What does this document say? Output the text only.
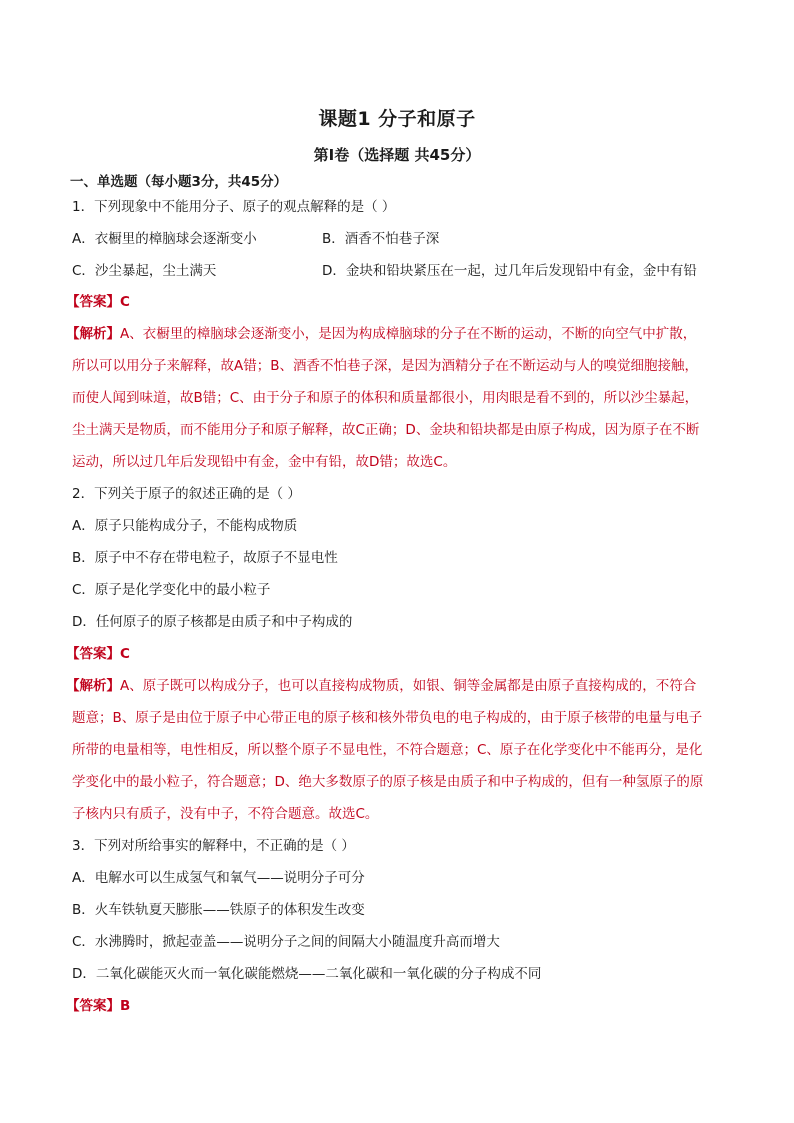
课题1 分子和原子
第Ⅰ卷（选择题 共45分）
一、单选题（每小题3分，共45分）
1．下列现象中不能用分子、原子的观点解释的是（ ）
A．衣橱里的樟脑球会逐渐变小	B．酒香不怕巷子深
C．沙尘暴起，尘土满天	D．金块和铅块紧压在一起，过几年后发现铅中有金，金中有铅
【答案】C
【解析】A、衣橱里的樟脑球会逐渐变小，是因为构成樟脑球的分子在不断的运动，不断的向空气中扩散，
所以可以用分子来解释，故A错；B、酒香不怕巷子深，是因为酒精分子在不断运动与人的嗅觉细胞接触，
而使人闻到味道，故B错；C、由于分子和原子的体积和质量都很小，用肉眼是看不到的，所以沙尘暴起，
尘土满天是物质，而不能用分子和原子解释，故C正确；D、金块和铅块都是由原子构成，因为原子在不断
运动，所以过几年后发现铅中有金，金中有铅，故D错；故选C。
2．下列关于原子的叙述正确的是（ ）
A．原子只能构成分子，不能构成物质
B．原子中不存在带电粒子，故原子不显电性
C．原子是化学变化中的最小粒子
D．任何原子的原子核都是由质子和中子构成的
【答案】C
【解析】A、原子既可以构成分子，也可以直接构成物质，如银、铜等金属都是由原子直接构成的，不符合
题意；B、原子是由位于原子中心带正电的原子核和核外带负电的电子构成的，由于原子核带的电量与电子
所带的电量相等，电性相反，所以整个原子不显电性，不符合题意；C、原子在化学变化中不能再分，是化
学变化中的最小粒子，符合题意；D、绝大多数原子的原子核是由质子和中子构成的，但有一种氢原子的原
子核内只有质子，没有中子，不符合题意。故选C。
3．下列对所给事实的解释中，不正确的是（ ）
A．电解水可以生成氢气和氧气——说明分子可分
B．火车铁轨夏天膨胀——铁原子的体积发生改变
C．水沸腾时，掀起壶盖——说明分子之间的间隔大小随温度升高而增大
D．二氧化碳能灭火而一氧化碳能燃烧——二氧化碳和一氧化碳的分子构成不同
【答案】B
